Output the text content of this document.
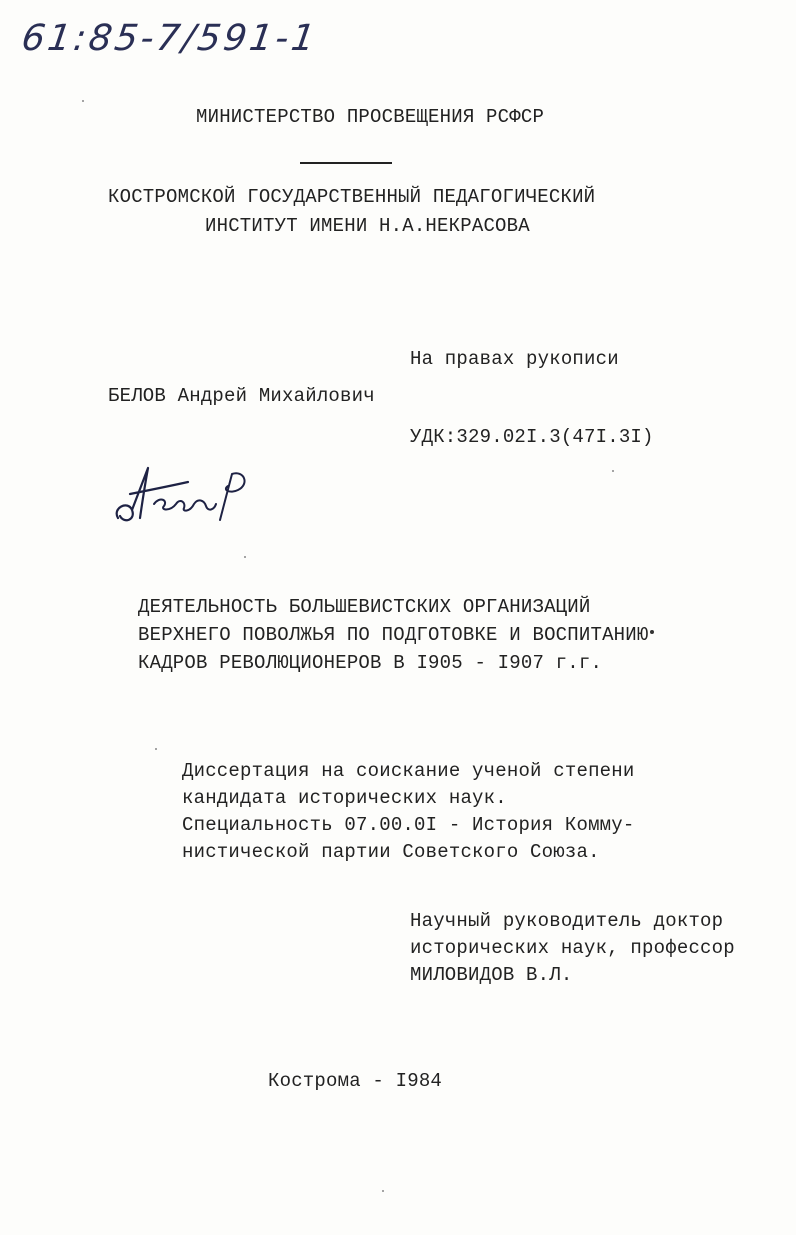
61:85-7/591-1
МИНИСТЕРСТВО ПРОСВЕЩЕНИЯ РСФСР
КОСТРОМСКОЙ ГОСУДАРСТВЕННЫЙ ПЕДАГОГИЧЕСКИЙ
ИНСТИТУТ ИМЕНИ Н.А.НЕКРАСОВА
На правах рукописи
БЕЛОВ Андрей Михайлович
УДК:329.02I.3(47I.3I)
ДЕЯТЕЛЬНОСТЬ БОЛЬШЕВИСТСКИХ ОРГАНИЗАЦИЙ
ВЕРХНЕГО ПОВОЛЖЬЯ ПО ПОДГОТОВКЕ И ВОСПИТАНИЮ
КАДРОВ РЕВОЛЮЦИОНЕРОВ В I905 - I907 г.г.
Диссертация на соискание ученой степени
кандидата исторических наук.
Специальность 07.00.0I - История Комму-
нистической партии Советского Союза.
Научный руководитель доктор
исторических наук, профессор
МИЛОВИДОВ В.Л.
Кострома - I984
